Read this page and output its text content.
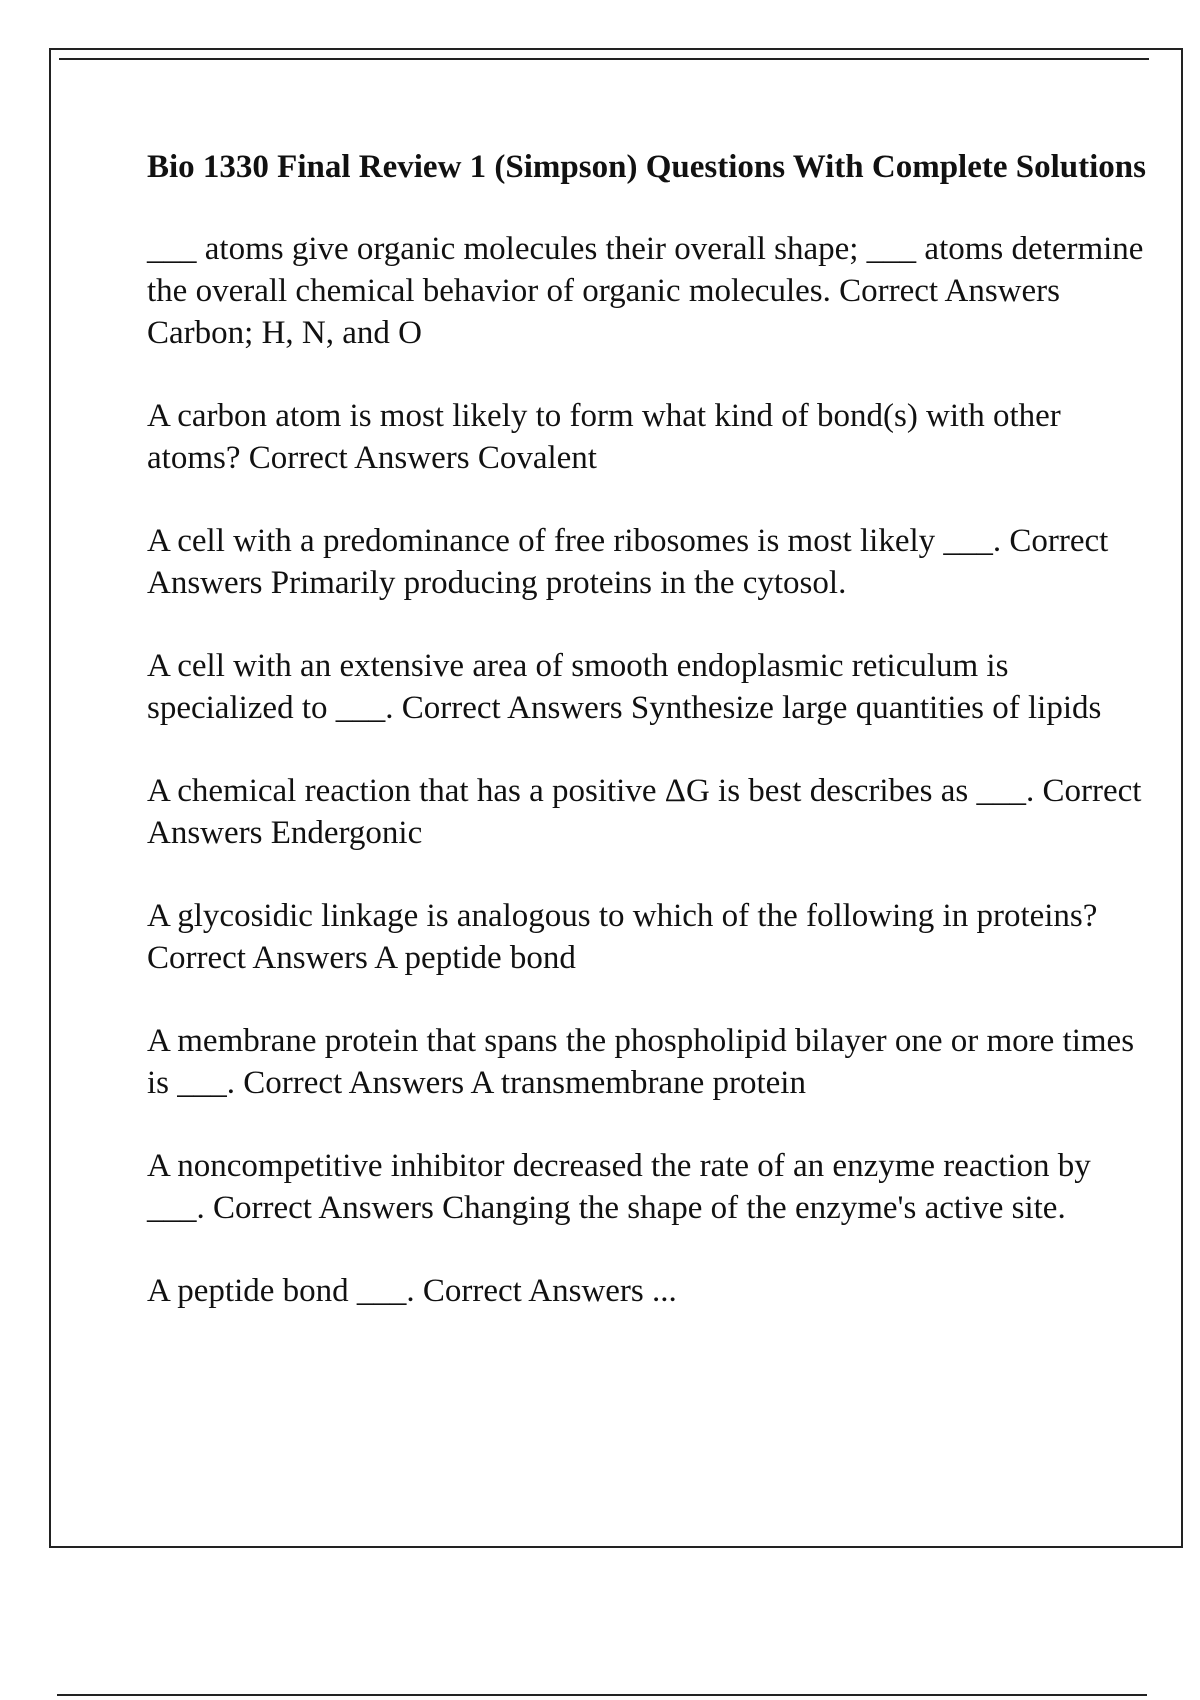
Bio 1330 Final Review 1 (Simpson) Questions With Complete Solutions
___ atoms give organic molecules their overall shape; ___ atoms determine the overall chemical behavior of organic molecules. Correct Answers Carbon; H, N, and O
A carbon atom is most likely to form what kind of bond(s) with other atoms? Correct Answers Covalent
A cell with a predominance of free ribosomes is most likely ___. Correct Answers Primarily producing proteins in the cytosol.
A cell with an extensive area of smooth endoplasmic reticulum is specialized to ___. Correct Answers Synthesize large quantities of lipids
A chemical reaction that has a positive ΔG is best describes as ___. Correct Answers Endergonic
A glycosidic linkage is analogous to which of the following in proteins? Correct Answers A peptide bond
A membrane protein that spans the phospholipid bilayer one or more times is ___. Correct Answers A transmembrane protein
A noncompetitive inhibitor decreased the rate of an enzyme reaction by ___. Correct Answers Changing the shape of the enzyme's active site.
A peptide bond ___. Correct Answers ...
